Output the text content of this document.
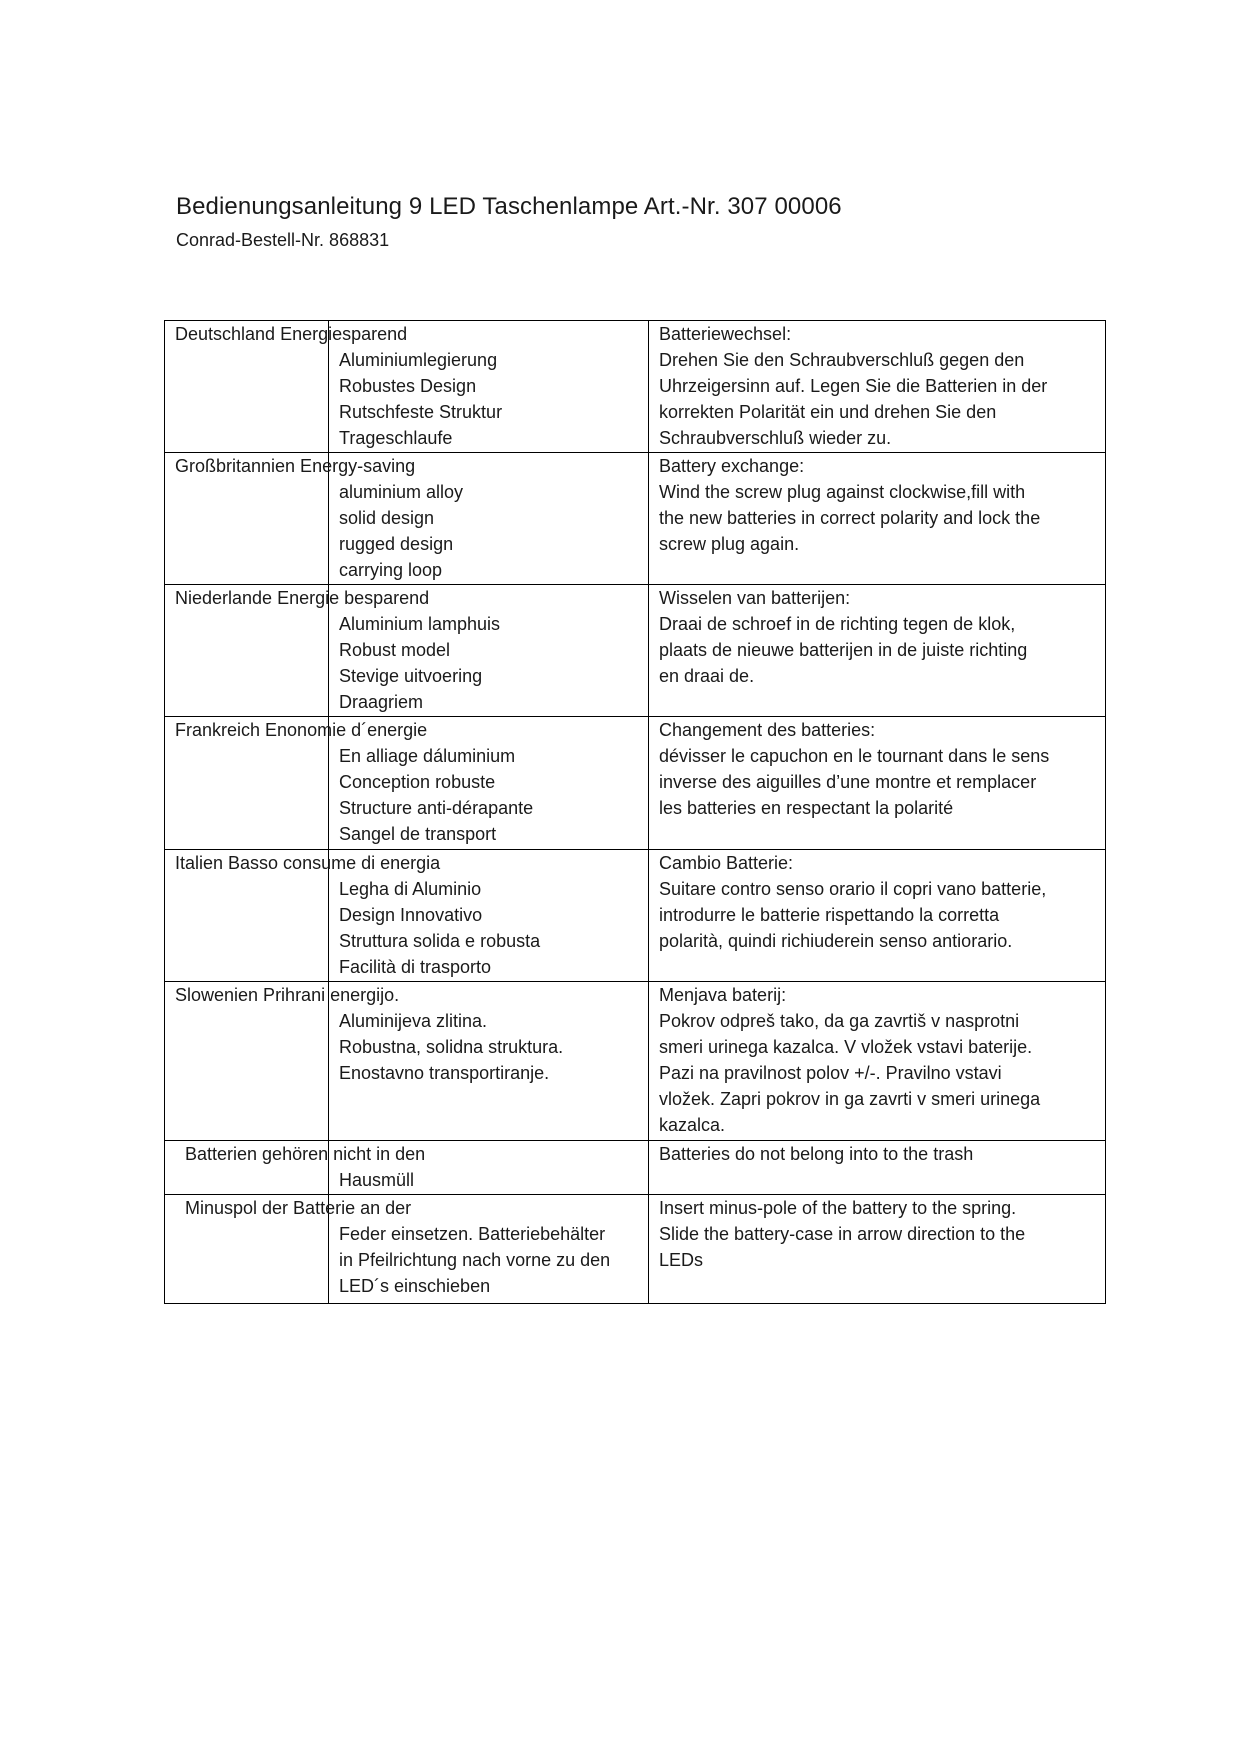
Bedienungsanleitung 9 LED Taschenlampe Art.-Nr. 307 00006
Conrad-Bestell-Nr. 868831
Deutschland Energiesparend
Aluminiumlegierung
Robustes Design
Rutschfeste Struktur
Trageschlaufe
Batteriewechsel:
Drehen Sie den Schraubverschluß gegen den
Uhrzeigersinn auf. Legen Sie die Batterien in der
korrekten Polarität ein und drehen Sie den
Schraubverschluß wieder zu.
Großbritannien Energy-saving
aluminium alloy
solid design
rugged design
carrying loop
Battery exchange:
Wind the screw plug against clockwise,fill with
the new batteries in correct polarity and lock the
screw plug again.
Niederlande Energie besparend
Aluminium lamphuis
Robust model
Stevige uitvoering
Draagriem
Wisselen van batterijen:
Draai de schroef in de richting tegen de klok,
plaats de nieuwe batterijen in de juiste richting
en draai de.
Frankreich Enonomie d´energie
En alliage dáluminium
Conception robuste
Structure anti-dérapante
Sangel de transport
Changement des batteries:
dévisser le capuchon en le tournant dans le sens
inverse des aiguilles d’une montre et remplacer
les batteries en respectant la polarité
Italien Basso consume di energia
Legha di Aluminio
Design Innovativo
Struttura solida e robusta
Facilità di trasporto
Cambio Batterie:
Suitare contro senso orario il copri vano batterie,
introdurre le batterie rispettando la corretta
polarità, quindi richiuderein senso antiorario.
Slowenien Prihrani energijo.
Aluminijeva zlitina.
Robustna, solidna struktura.
Enostavno transportiranje.
Menjava baterij:
Pokrov odpreš tako, da ga zavrtiš v nasprotni
smeri urinega kazalca. V vložek vstavi baterije.
Pazi na pravilnost polov +/-. Pravilno vstavi
vložek. Zapri pokrov in ga zavrti v smeri urinega
kazalca.
Batterien gehören nicht in den
Hausmüll
Batteries do not belong into to the trash
Minuspol der Batterie an der
Feder einsetzen. Batteriebehälter
in Pfeilrichtung nach vorne zu den
LED´s einschieben
Insert minus-pole of the battery to the spring.
Slide the battery-case in arrow direction to the
LEDs
